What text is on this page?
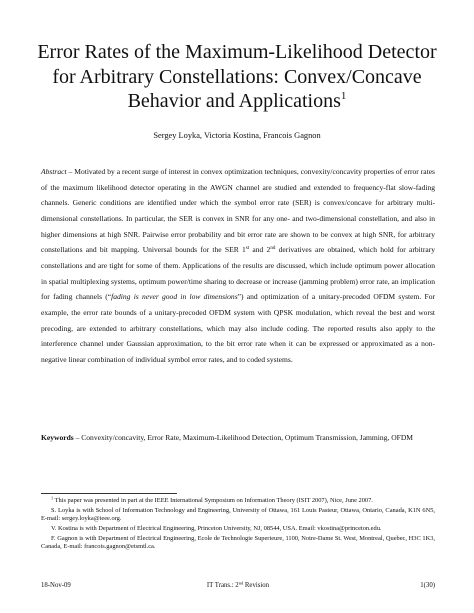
Error Rates of the Maximum-Likelihood Detector
for Arbitrary Constellations: Convex/Concave
Behavior and Applications$^1$
Sergey Loyka, Victoria Kostina, Francois Gagnon
Abstract – Motivated by a recent surge of interest in convex optimization techniques, convexity/concavity properties of error rates of the maximum likelihood detector operating in the AWGN channel are studied and extended to frequency-flat slow-fading channels. Generic conditions are identified under which the symbol error rate (SER) is convex/concave for arbitrary multi-dimensional constellations. In particular, the SER is convex in SNR for any one- and two-dimensional constellation, and also in higher dimensions at high SNR. Pairwise error probability and bit error rate are shown to be convex at high SNR, for arbitrary constellations and bit mapping. Universal bounds for the SER 1st and 2nd derivatives are obtained, which hold for arbitrary constellations and are tight for some of them. Applications of the results are discussed, which include optimum power allocation in spatial multiplexing systems, optimum power/time sharing to decrease or increase (jamming problem) error rate, an implication for fading channels (“fading is never good in low dimensions”) and optimization of a unitary-precoded OFDM system. For example, the error rate bounds of a unitary-precoded OFDM system with QPSK modulation, which reveal the best and worst precoding, are extended to arbitrary constellations, which may also include coding. The reported results also apply to the interference channel under Gaussian approximation, to the bit error rate when it can be expressed or approximated as a non-negative linear combination of individual symbol error rates, and to coded systems.
Keywords – Convexity/concavity, Error Rate, Maximum-Likelihood Detection, Optimum Transmission, Jamming, OFDM

$^1$ This paper was presented in part at the IEEE International Symposium on Information Theory (ISIT 2007), Nice, June 2007.

S. Loyka is with School of Information Technology and Engineering, University of Ottawa, 161 Louis Pasteur, Ottawa, Ontario, Canada, K1N 6N5, E-mail: sergey.loyka@ieee.org.

V. Kostina is with Department of Electrical Engineering, Princeton University, NJ, 08544, USA. Email: vkostina@princeton.edu.

F. Gagnon is with Department of Electrical Engineering, Ecole de Technologie Superieure, 1100, Notre-Dame St. West, Montreal, Quebec, H3C 1K3, Canada, E-mail: francois.gagnon@etsmtl.ca.

18-Nov-09	IT Trans.: 2nd Revision	1(30)
